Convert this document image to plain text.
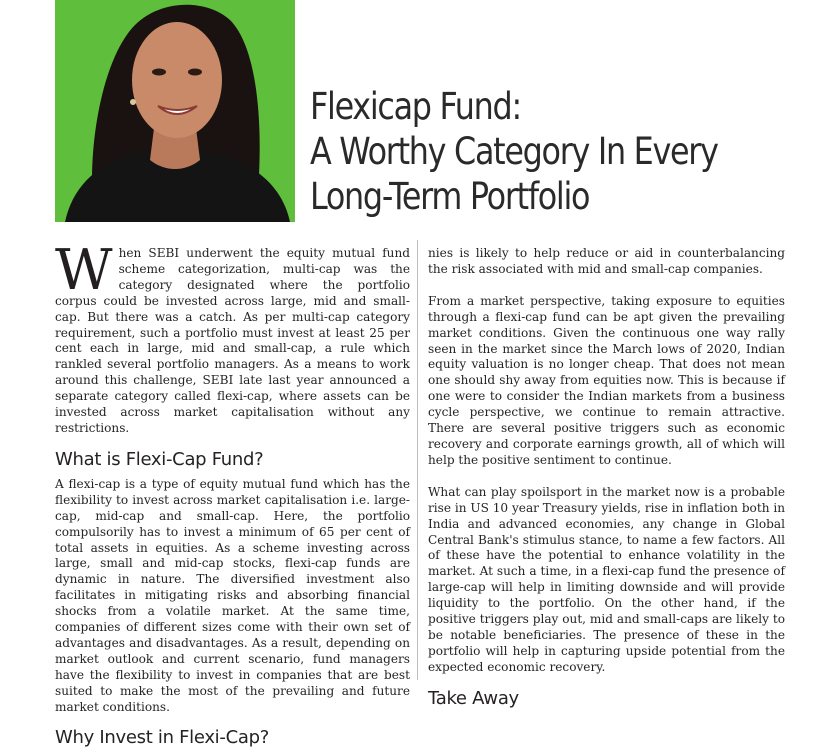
Flexicap Fund:
A Worthy Category In Every
Long-Term Portfolio

When SEBI underwent the equity mutual fund scheme categorization, multi-cap was the category designated where the portfolio corpus could be invested across large, mid and small-cap. But there was a catch. As per multi-cap category requirement, such a portfolio must invest at least 25 per cent each in large, mid and small-cap, a rule which rankled several portfolio managers. As a means to work around this challenge, SEBI late last year announced a separate category called flexi-cap, where assets can be invested across market capitalisation without any restrictions.

What is Flexi-Cap Fund?

A flexi-cap is a type of equity mutual fund which has the flexibility to invest across market capitalisation i.e. large-cap, mid-cap and small-cap. Here, the portfolio compulsorily has to invest a minimum of 65 per cent of total assets in equities. As a scheme investing across large, small and mid-cap stocks, flexi-cap funds are dynamic in nature. The diversified investment also facilitates in mitigating risks and absorbing financial shocks from a volatile market. At the same time, companies of different sizes come with their own set of advantages and disadvantages. As a result, depending on market outlook and current scenario, fund managers have the flexibility to invest in companies that are best suited to make the most of the prevailing and future market conditions.

Why Invest in Flexi-Cap?

nies is likely to help reduce or aid in counterbalancing the risk associated with mid and small-cap companies.

From a market perspective, taking exposure to equities through a flexi-cap fund can be apt given the prevailing market conditions. Given the continuous one way rally seen in the market since the March lows of 2020, Indian equity valuation is no longer cheap. That does not mean one should shy away from equities now. This is because if one were to consider the Indian markets from a business cycle perspective, we continue to remain attractive. There are several positive triggers such as economic recovery and corporate earnings growth, all of which will help the positive sentiment to continue.

What can play spoilsport in the market now is a probable rise in US 10 year Treasury yields, rise in inflation both in India and advanced economies, any change in Global Central Bank's stimulus stance, to name a few factors. All of these have the potential to enhance volatility in the market. At such a time, in a flexi-cap fund the presence of large-cap will help in limiting downside and will provide liquidity to the portfolio. On the other hand, if the positive triggers play out, mid and small-caps are likely to be notable beneficiaries. The presence of these in the portfolio will help in capturing upside potential from the expected economic recovery.

Take Away
